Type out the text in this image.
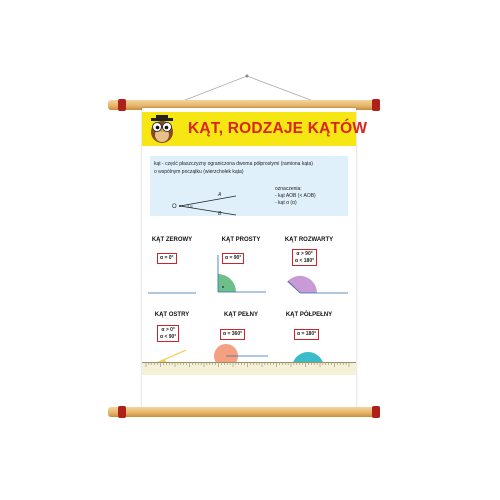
KĄT, RODZAJE KĄTÓW
kąt - część płaszczyzny ograniczona dwoma półprostymi (ramiona kąta)
o wspólnym początku (wierzchołek kąta)
O
A
B
α
oznaczenia:
- kąt AOB (< AOB)
- kąt α (α)
KĄT ZEROWY
α = 0°
KĄT PROSTY
α = 90°
KĄT ROZWARTY
α > 90°
α < 180°
KĄT OSTRY
α > 0°
α < 90°
KĄT PEŁNY
α = 360°
KĄT PÓŁPEŁNY
α = 180°
